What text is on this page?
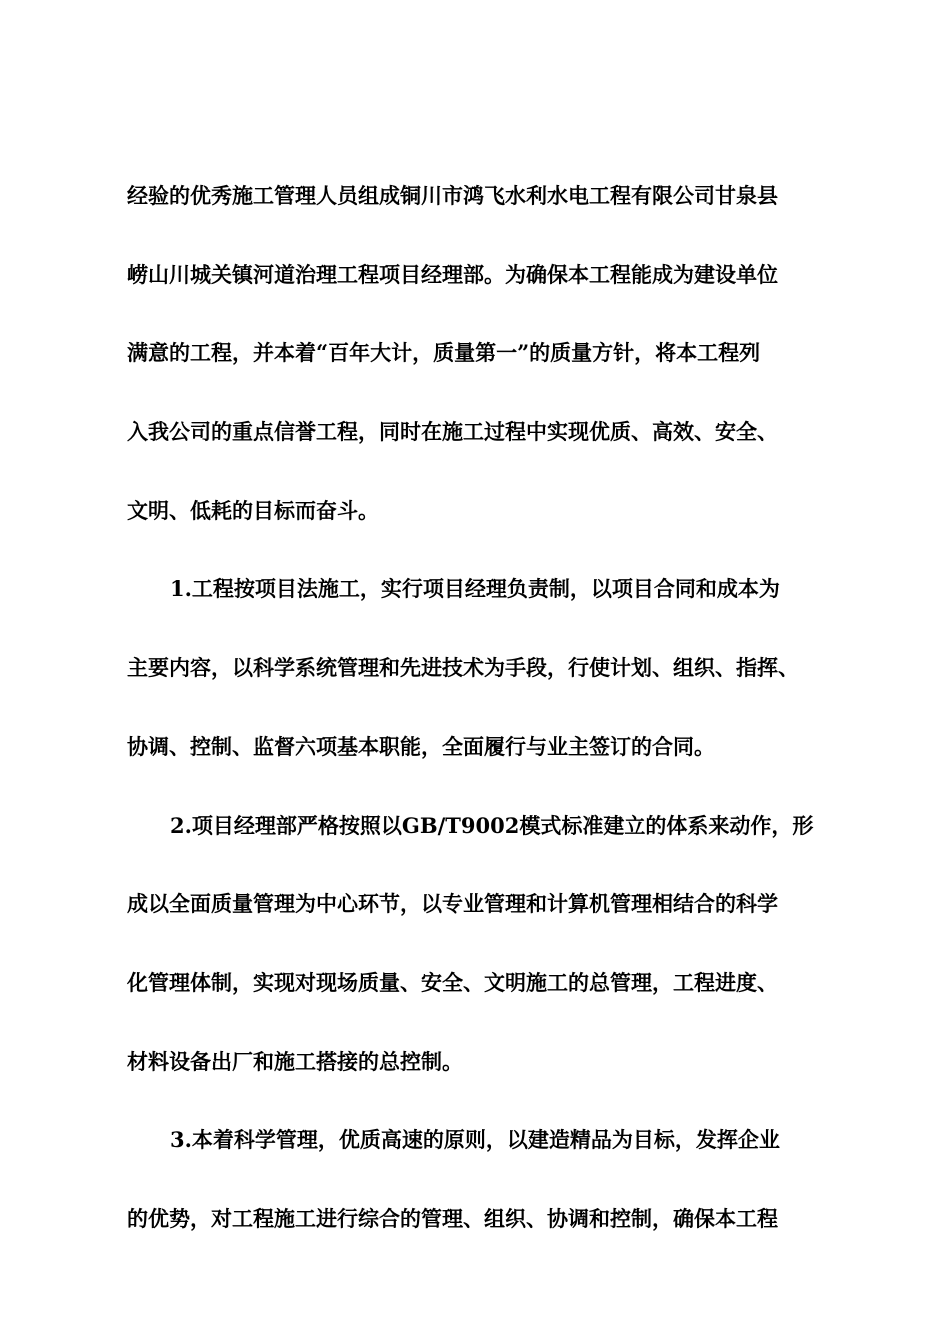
经验的优秀施工管理人员组成铜川市鸿飞水利水电工程有限公司甘泉县
崂山川城关镇河道治理工程项目经理部。为确保本工程能成为建设单位
满意的工程，并本着“百年大计，质量第一”的质量方针，将本工程列
入我公司的重点信誉工程，同时在施工过程中实现优质、高效、安全、
文明、低耗的目标而奋斗。
1.工程按项目法施工，实行项目经理负责制，以项目合同和成本为
主要内容，以科学系统管理和先进技术为手段，行使计划、组织、指挥、
协调、控制、监督六项基本职能，全面履行与业主签订的合同。
2.项目经理部严格按照以GB/T9002模式标准建立的体系来动作，形
成以全面质量管理为中心环节，以专业管理和计算机管理相结合的科学
化管理体制，实现对现场质量、安全、文明施工的总管理，工程进度、
材料设备出厂和施工搭接的总控制。
3.本着科学管理，优质高速的原则，以建造精品为目标，发挥企业
的优势，对工程施工进行综合的管理、组织、协调和控制，确保本工程
